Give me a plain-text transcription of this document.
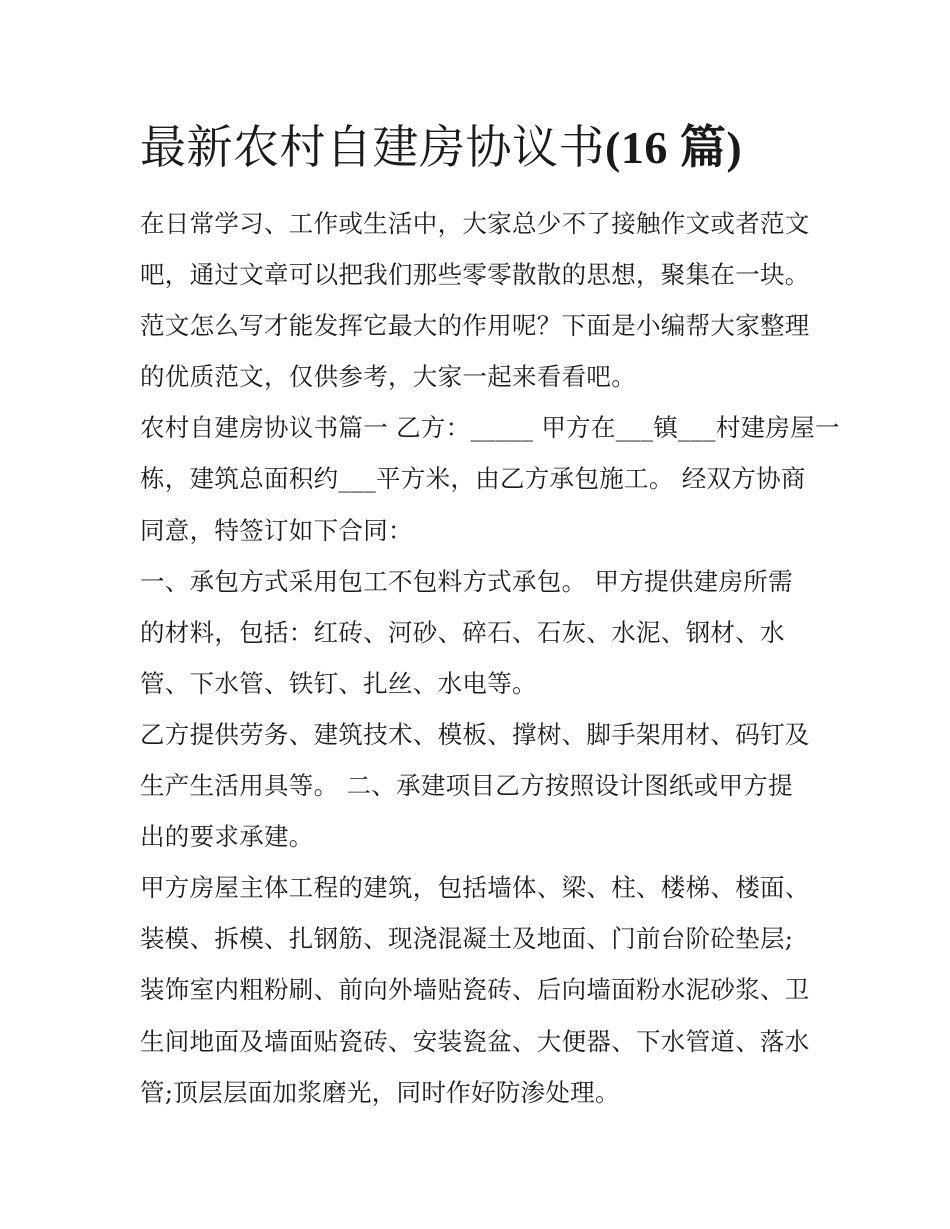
最新农村自建房协议书(16 篇)
在日常学习、工作或生活中，大家总少不了接触作文或者范文
吧，通过文章可以把我们那些零零散散的思想，聚集在一块。
范文怎么写才能发挥它最大的作用呢？下面是小编帮大家整理
的优质范文，仅供参考，大家一起来看看吧。
农村自建房协议书篇一 乙方：_____ 甲方在___镇___村建房屋一
栋，建筑总面积约___平方米，由乙方承包施工。 经双方协商
同意，特签订如下合同：
一、承包方式采用包工不包料方式承包。 甲方提供建房所需
的材料，包括：红砖、河砂、碎石、石灰、水泥、钢材、水
管、下水管、铁钉、扎丝、水电等。
乙方提供劳务、建筑技术、模板、撑树、脚手架用材、码钉及
生产生活用具等。 二、承建项目乙方按照设计图纸或甲方提
出的要求承建。
甲方房屋主体工程的建筑，包括墙体、梁、柱、楼梯、楼面、
装模、拆模、扎钢筋、现浇混凝土及地面、门前台阶砼垫层;
装饰室内粗粉刷、前向外墙贴瓷砖、后向墙面粉水泥砂浆、卫
生间地面及墙面贴瓷砖、安装瓷盆、大便器、下水管道、落水
管;顶层层面加浆磨光，同时作好防渗处理。
